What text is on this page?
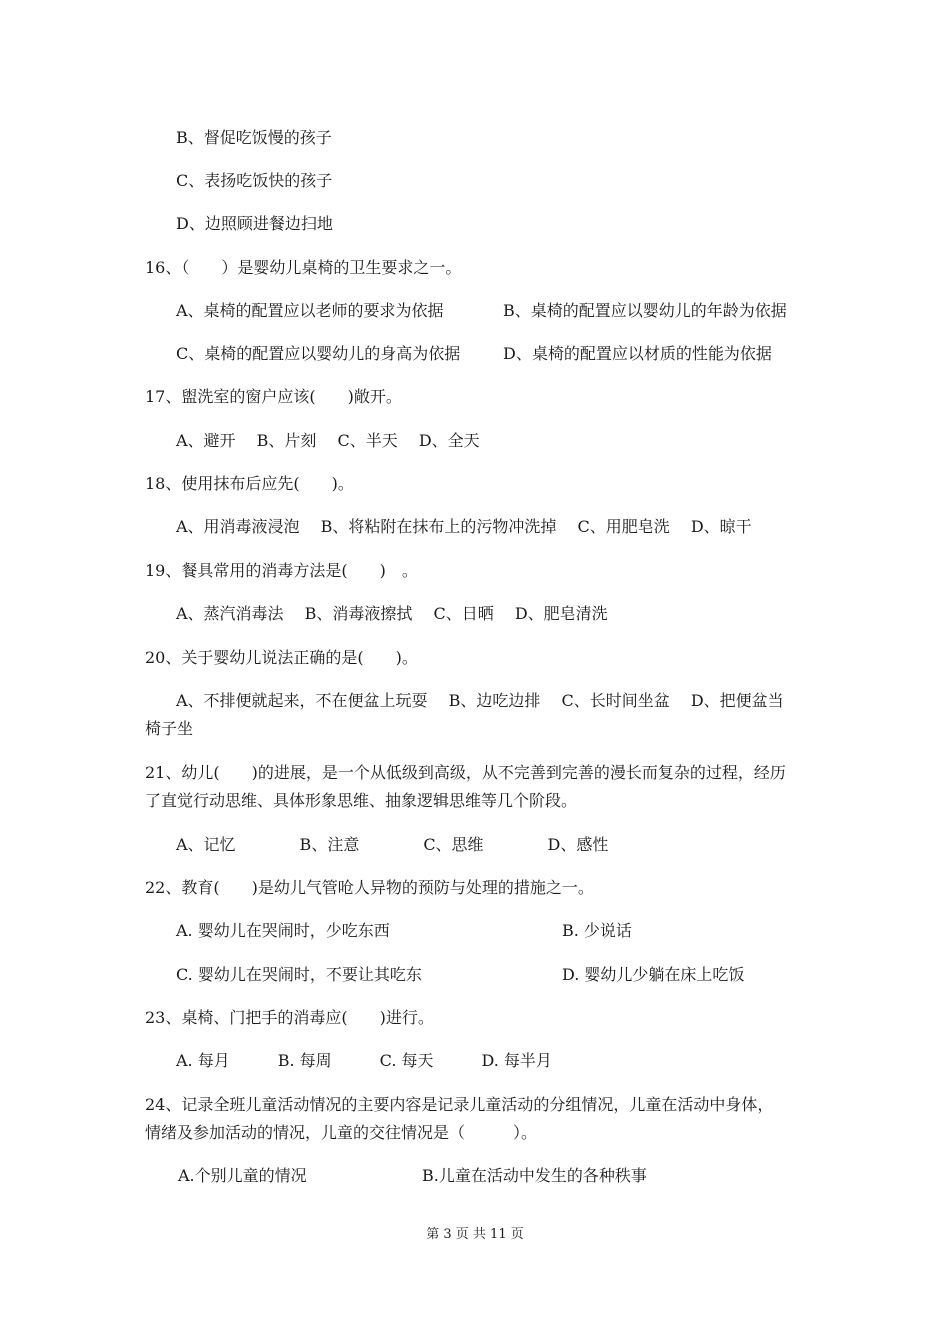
B、督促吃饭慢的孩子
C、表扬吃饭快的孩子
D、边照顾进餐边扫地
16、（　　）是婴幼儿桌椅的卫生要求之一。
A、桌椅的配置应以老师的要求为依据	B、桌椅的配置应以婴幼儿的年龄为依据
C、桌椅的配置应以婴幼儿的身高为依据	D、桌椅的配置应以材质的性能为依据
17、盥洗室的窗户应该(　　)敞开。
A、避开　 B、片刻　 C、半天　 D、全天
18、使用抹布后应先(　　)。
A、用消毒液浸泡　 B、将粘附在抹布上的污物冲洗掉　 C、用肥皂洗　 D、晾干
19、餐具常用的消毒方法是(　　)　。
A、蒸汽消毒法　 B、消毒液擦拭　 C、日晒　 D、肥皂清洗
20、关于婴幼儿说法正确的是(　　)。
A、不排便就起来，不在便盆上玩耍　 B、边吃边排　 C、长时间坐盆　 D、把便盆当
椅子坐
21、幼儿(　　)的进展，是一个从低级到高级，从不完善到完善的漫长而复杂的过程，经历
了直觉行动思维、具体形象思维、抽象逻辑思维等几个阶段。
A、记忆　　　　B、注意　　　　C、思维　　　　D、感性
22、教育(　　)是幼儿气管呛人异物的预防与处理的措施之一。
A. 婴幼儿在哭闹时，少吃东西	B. 少说话
C. 婴幼儿在哭闹时，不要让其吃东	D. 婴幼儿少躺在床上吃饭
23、桌椅、门把手的消毒应(　　)进行。
A. 每月　　　B. 每周　　　C. 每天　　　D. 每半月
24、记录全班儿童活动情况的主要内容是记录儿童活动的分组情况，儿童在活动中身体，
情绪及参加活动的情况，儿童的交往情况是（　　　）。
A.个别儿童的情况	B.儿童在活动中发生的各种秩事
第 3 页 共 11 页
